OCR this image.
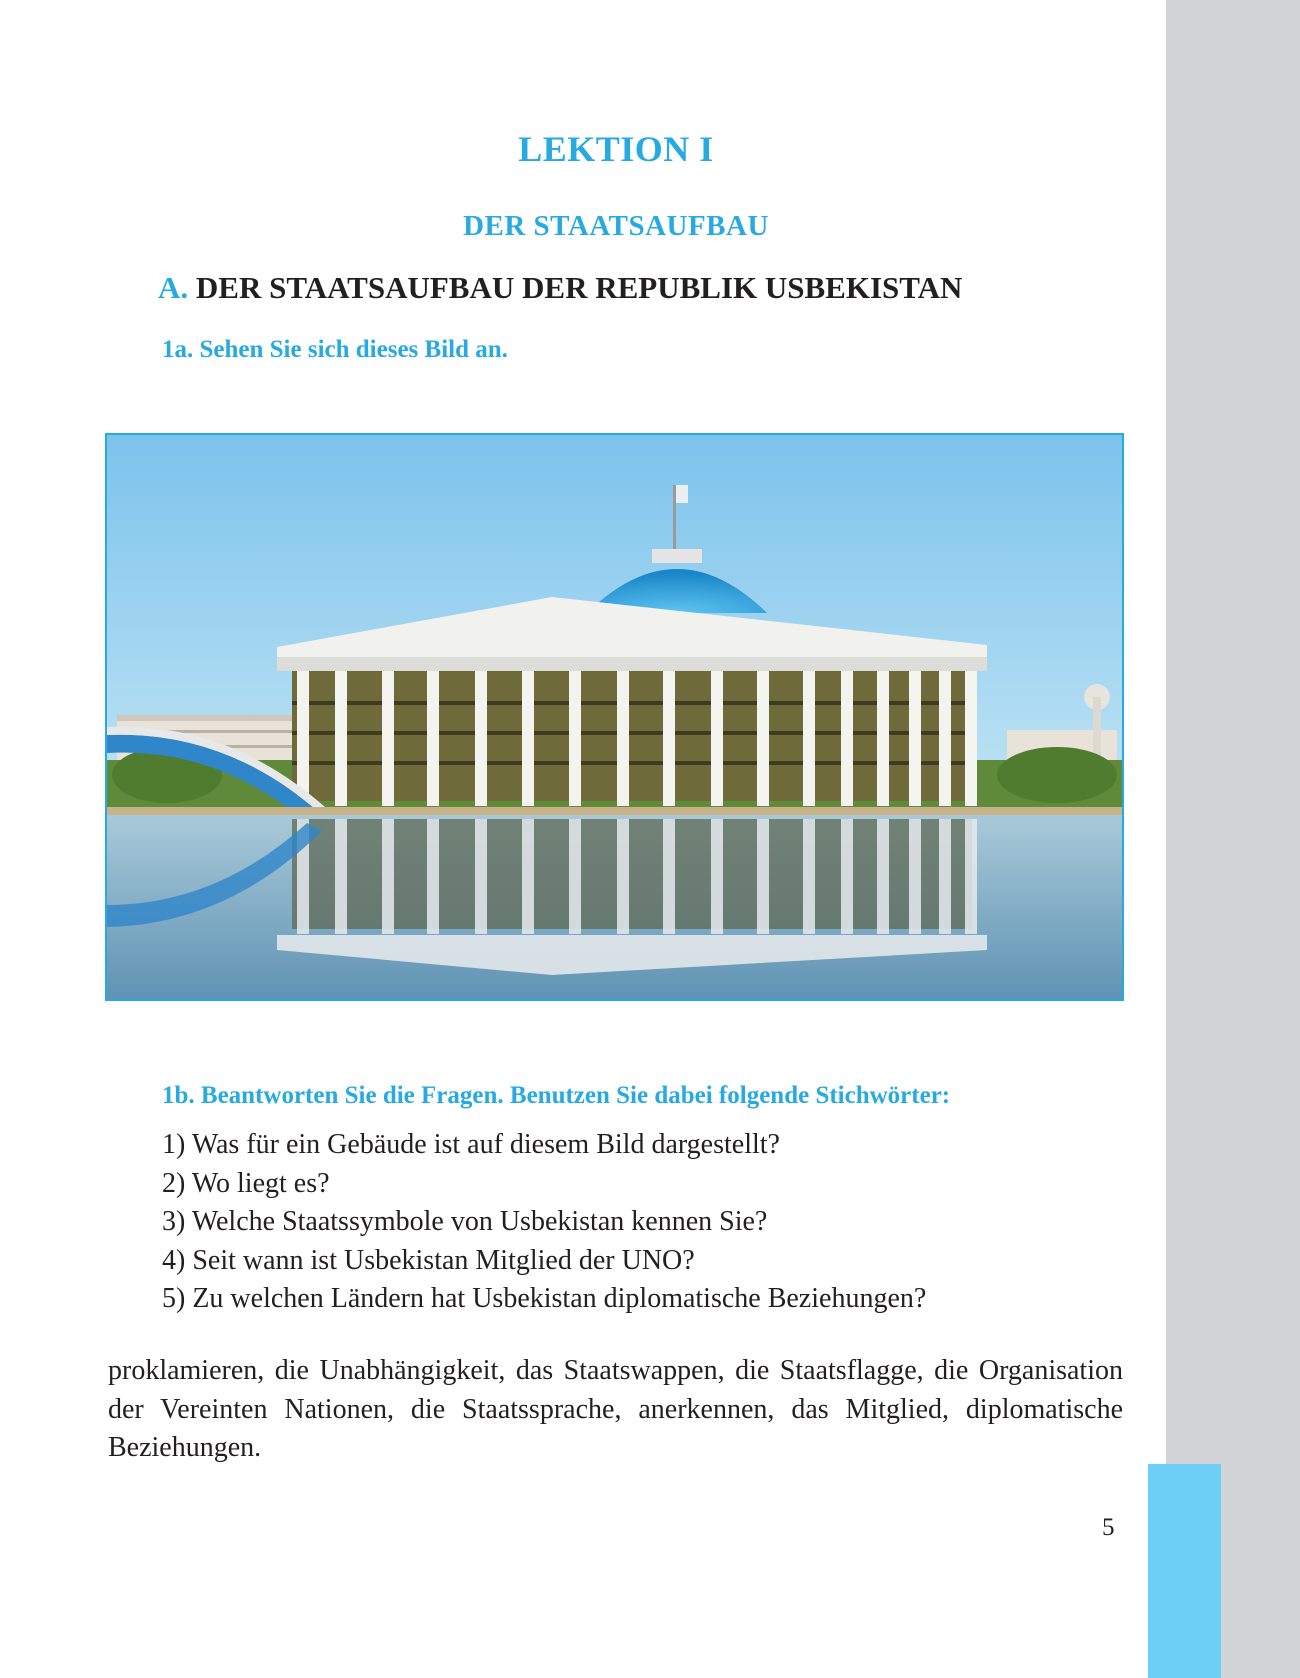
LEKTION I
DER STAATSAUFBAU
A. DER STAATSAUFBAU DER REPUBLIK USBEKISTAN
1a. Sehen Sie sich dieses Bild an.
1b. Beantworten Sie die Fragen. Benutzen Sie dabei folgende Stichwörter:
1) Was für ein Gebäude ist auf diesem Bild dargestellt?
2) Wo liegt es?
3) Welche Staatssymbole von Usbekistan kennen Sie?
4) Seit wann ist Usbekistan Mitglied der UNO?
5) Zu welchen Ländern hat Usbekistan diplomatische Beziehungen?

proklamieren, die Unabhängigkeit, das Staatswappen, die Staatsflagge, die Organisation der Vereinten Nationen, die Staatssprache, anerkennen, das Mitglied, diplomatische Beziehungen.

5
